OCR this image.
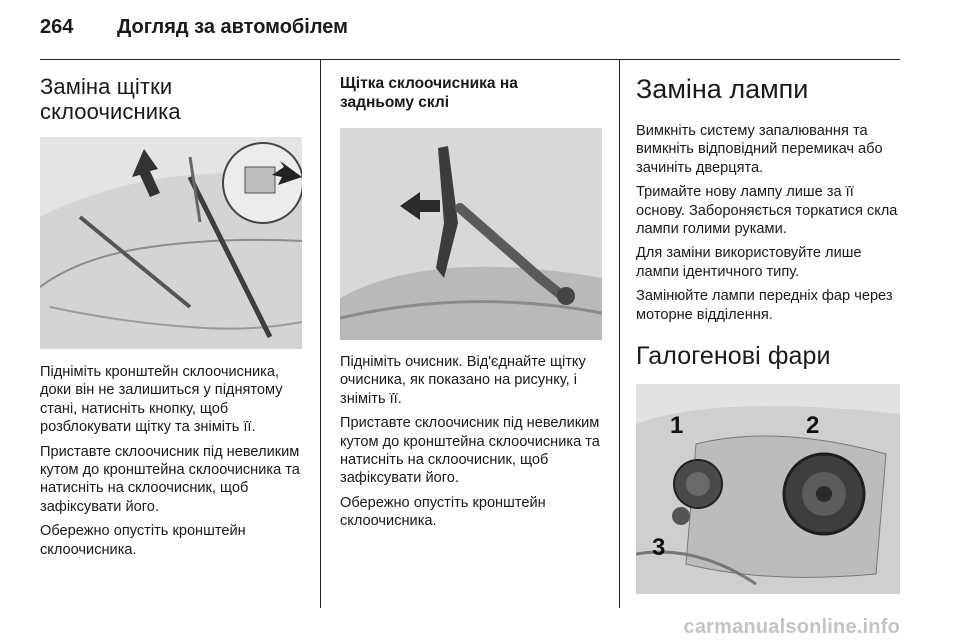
264 Догляд за автомобілем
Заміна щітки
склоочисника

Підніміть кронштейн склоочисника, доки він не залишиться у піднятому стані, натисніть кнопку, щоб розблокувати щітку та зніміть її.

Приставте склоочисник під невеликим кутом до кронштейна склоочисника та натисніть на склоочисник, щоб зафіксувати його.

Обережно опустіть кронштейн склоочисника.

Щітка склоочисника на
задньому склі

Підніміть очисник. Від'єднайте щітку очисника, як показано на рисунку, і зніміть її.

Приставте склоочисник під невеликим кутом до кронштейна склоочисника та натисніть на склоочисник, щоб зафіксувати його.

Обережно опустіть кронштейн склоочисника.

Заміна лампи

Вимкніть систему запалювання та вимкніть відповідний перемикач або зачиніть дверцята.

Тримайте нову лампу лише за її основу. Забороняється торкатися скла лампи голими руками.

Для заміни використовуйте лише лампи ідентичного типу.

Замінюйте лампи передніх фар через моторне відділення.

Галогенові фари
1	2
3
carmanualsonline.info
